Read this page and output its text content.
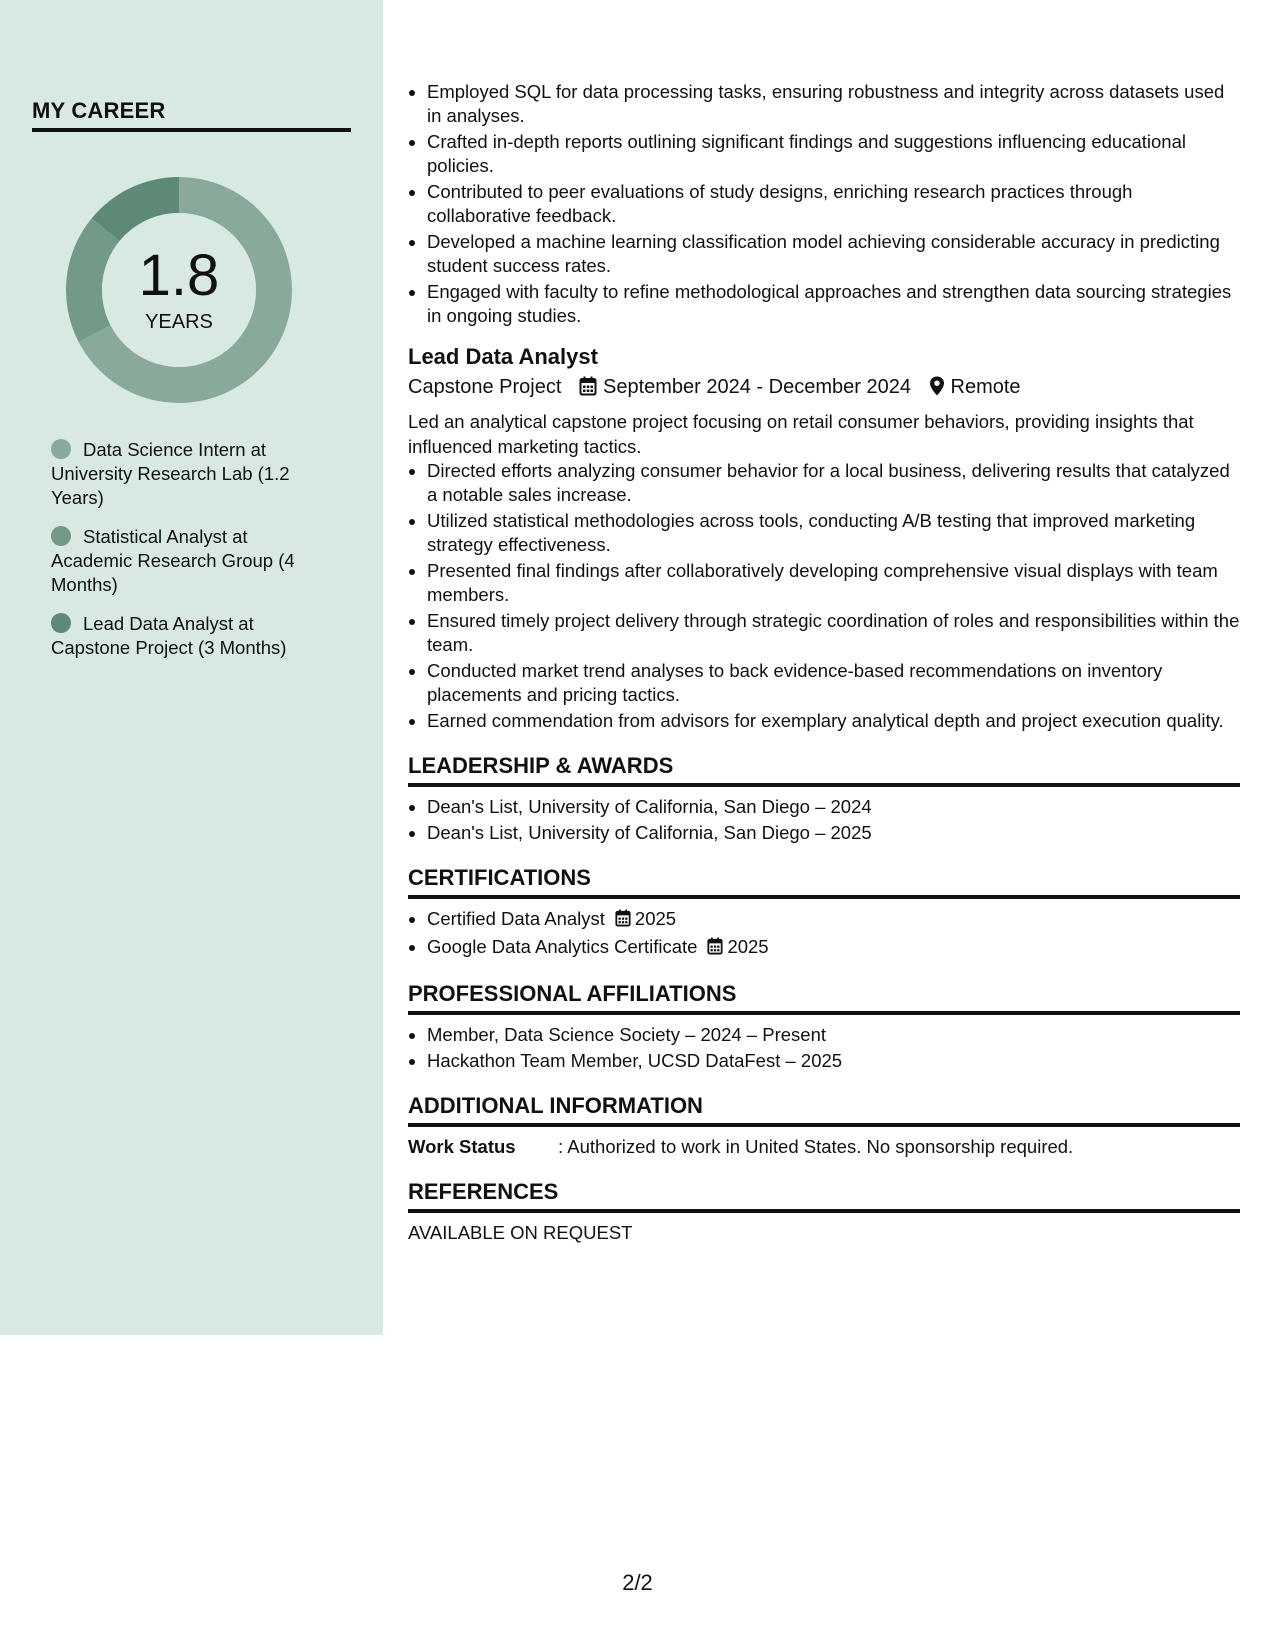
MY CAREER
1.8
YEARS
Data Science Intern at University Research Lab (1.2 Years)
Statistical Analyst at Academic Research Group (4 Months)
Lead Data Analyst at Capstone Project (3 Months)
• Employed SQL for data processing tasks, ensuring robustness and integrity across datasets used in analyses.
• Crafted in-depth reports outlining significant findings and suggestions influencing educational policies.
• Contributed to peer evaluations of study designs, enriching research practices through collaborative feedback.
• Developed a machine learning classification model achieving considerable accuracy in predicting student success rates.
• Engaged with faculty to refine methodological approaches and strengthen data sourcing strategies in ongoing studies.
Lead Data Analyst
Capstone Project September 2024 - December 2024 Remote
Led an analytical capstone project focusing on retail consumer behaviors, providing insights that influenced marketing tactics.
• Directed efforts analyzing consumer behavior for a local business, delivering results that catalyzed a notable sales increase.
• Utilized statistical methodologies across tools, conducting A/B testing that improved marketing strategy effectiveness.
• Presented final findings after collaboratively developing comprehensive visual displays with team members.
• Ensured timely project delivery through strategic coordination of roles and responsibilities within the team.
• Conducted market trend analyses to back evidence-based recommendations on inventory placements and pricing tactics.
• Earned commendation from advisors for exemplary analytical depth and project execution quality.
LEADERSHIP & AWARDS
• Dean's List, University of California, San Diego – 2024
• Dean's List, University of California, San Diego – 2025
CERTIFICATIONS
• Certified Data Analyst 2025
• Google Data Analytics Certificate 2025
PROFESSIONAL AFFILIATIONS
• Member, Data Science Society – 2024 – Present
• Hackathon Team Member, UCSD DataFest – 2025
ADDITIONAL INFORMATION
Work Status : Authorized to work in United States. No sponsorship required.
REFERENCES
AVAILABLE ON REQUEST
2/2
